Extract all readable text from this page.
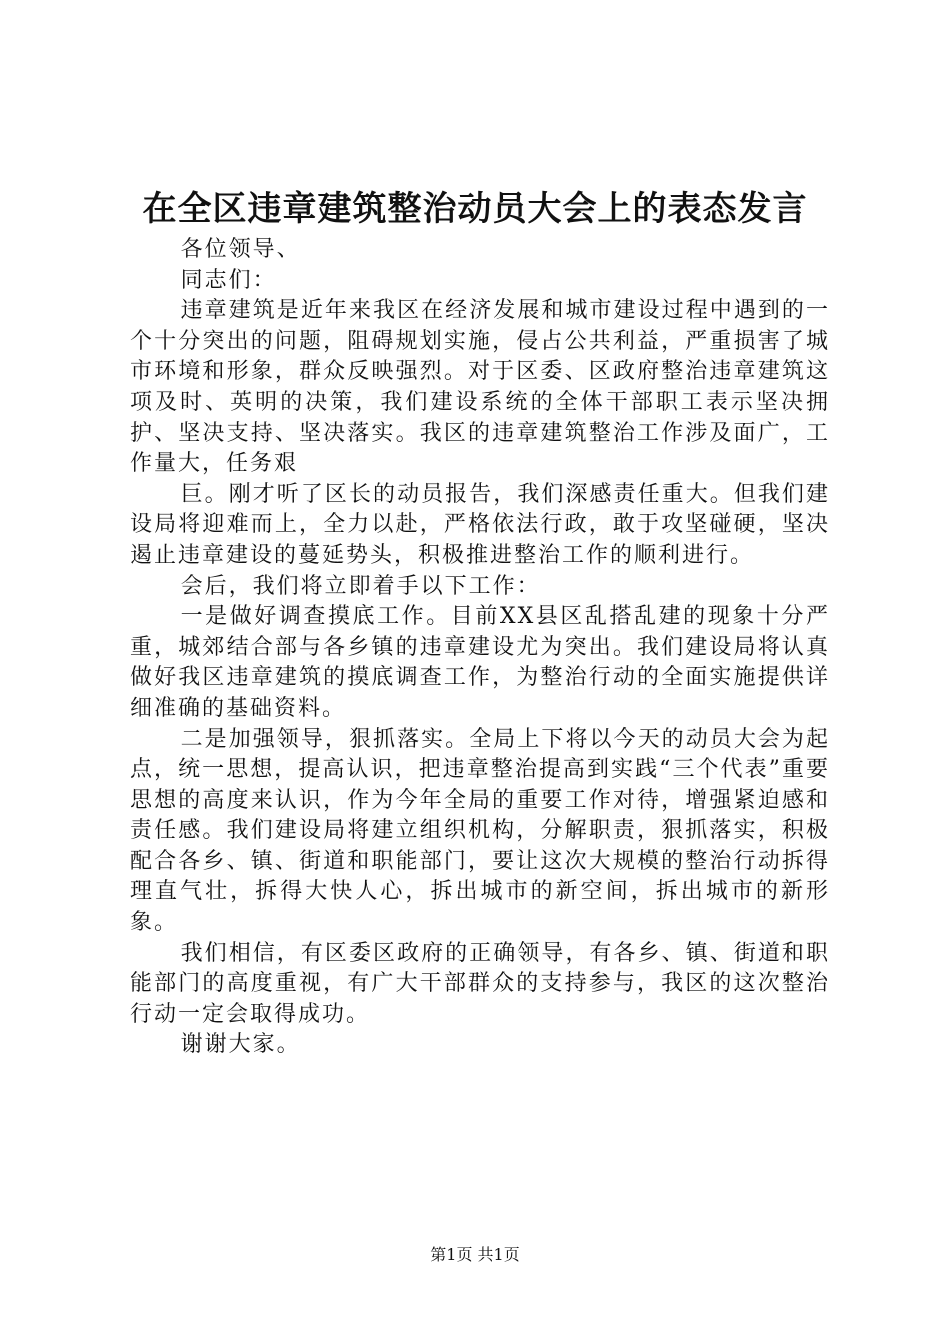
在全区违章建筑整治动员大会上的表态发言

各位领导、

同志们：

违章建筑是近年来我区在经济发展和城市建设过程中遇到的一个十分突出的问题，阻碍规划实施，侵占公共利益，严重损害了城市环境和形象，群众反映强烈。对于区委、区政府整治违章建筑这项及时、英明的决策，我们建设系统的全体干部职工表示坚决拥护、坚决支持、坚决落实。我区的违章建筑整治工作涉及面广，工作量大，任务艰

巨。刚才听了区长的动员报告，我们深感责任重大。但我们建设局将迎难而上，全力以赴，严格依法行政，敢于攻坚碰硬，坚决遏止违章建设的蔓延势头，积极推进整治工作的顺利进行。

会后，我们将立即着手以下工作：

一是做好调查摸底工作。目前XX县区乱搭乱建的现象十分严重，城郊结合部与各乡镇的违章建设尤为突出。我们建设局将认真做好我区违章建筑的摸底调查工作，为整治行动的全面实施提供详细准确的基础资料。

二是加强领导，狠抓落实。全局上下将以今天的动员大会为起点，统一思想，提高认识，把违章整治提高到实践“三个代表”重要思想的高度来认识，作为今年全局的重要工作对待，增强紧迫感和责任感。我们建设局将建立组织机构，分解职责，狠抓落实，积极配合各乡、镇、街道和职能部门，要让这次大规模的整治行动拆得理直气壮，拆得大快人心，拆出城市的新空间，拆出城市的新形象。

我们相信，有区委区政府的正确领导，有各乡、镇、街道和职能部门的高度重视，有广大干部群众的支持参与，我区的这次整治行动一定会取得成功。

谢谢大家。

第1页 共1页
